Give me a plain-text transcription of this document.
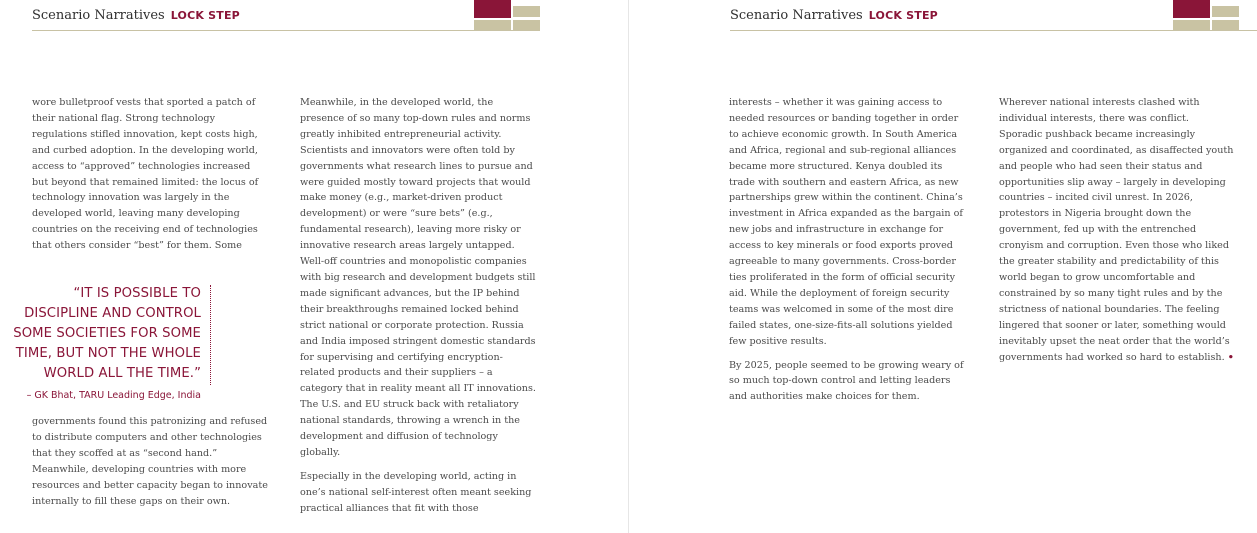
Scenario Narratives LOCK STEP

wore bulletproof vests that sported a patch of their national flag. Strong technology regulations stifled innovation, kept costs high, and curbed adoption. In the developing world, access to “approved” technologies increased but beyond that remained limited: the locus of technology innovation was largely in the developed world, leaving many developing countries on the receiving end of technologies that others consider “best” for them. Some

“IT IS POSSIBLE TO DISCIPLINE AND CONTROL SOME SOCIETIES FOR SOME TIME, BUT NOT THE WHOLE WORLD ALL THE TIME.”
– GK Bhat, TARU Leading Edge, India

governments found this patronizing and refused to distribute computers and other technologies that they scoffed at as “second hand.” Meanwhile, developing countries with more resources and better capacity began to innovate internally to fill these gaps on their own.

Meanwhile, in the developed world, the presence of so many top-down rules and norms greatly inhibited entrepreneurial activity. Scientists and innovators were often told by governments what research lines to pursue and were guided mostly toward projects that would make money (e.g., market-driven product development) or were “sure bets” (e.g., fundamental research), leaving more risky or innovative research areas largely untapped. Well-off countries and monopolistic companies with big research and development budgets still made significant advances, but the IP behind their breakthroughs remained locked behind strict national or corporate protection. Russia and India imposed stringent domestic standards for supervising and certifying encryption-related products and their suppliers – a category that in reality meant all IT innovations. The U.S. and EU struck back with retaliatory national standards, throwing a wrench in the development and diffusion of technology globally.

Especially in the developing world, acting in one’s national self-interest often meant seeking practical alliances that fit with those

Scenario Narratives LOCK STEP

interests – whether it was gaining access to needed resources or banding together in order to achieve economic growth. In South America and Africa, regional and sub-regional alliances became more structured. Kenya doubled its trade with southern and eastern Africa, as new partnerships grew within the continent. China’s investment in Africa expanded as the bargain of new jobs and infrastructure in exchange for access to key minerals or food exports proved agreeable to many governments. Cross-border ties proliferated in the form of official security aid. While the deployment of foreign security teams was welcomed in some of the most dire failed states, one-size-fits-all solutions yielded few positive results.

By 2025, people seemed to be growing weary of so much top-down control and letting leaders and authorities make choices for them.

Wherever national interests clashed with individual interests, there was conflict. Sporadic pushback became increasingly organized and coordinated, as disaffected youth and people who had seen their status and opportunities slip away – largely in developing countries – incited civil unrest. In 2026, protestors in Nigeria brought down the government, fed up with the entrenched cronyism and corruption. Even those who liked the greater stability and predictability of this world began to grow uncomfortable and constrained by so many tight rules and by the strictness of national boundaries. The feeling lingered that sooner or later, something would inevitably upset the neat order that the world’s governments had worked so hard to establish. •
